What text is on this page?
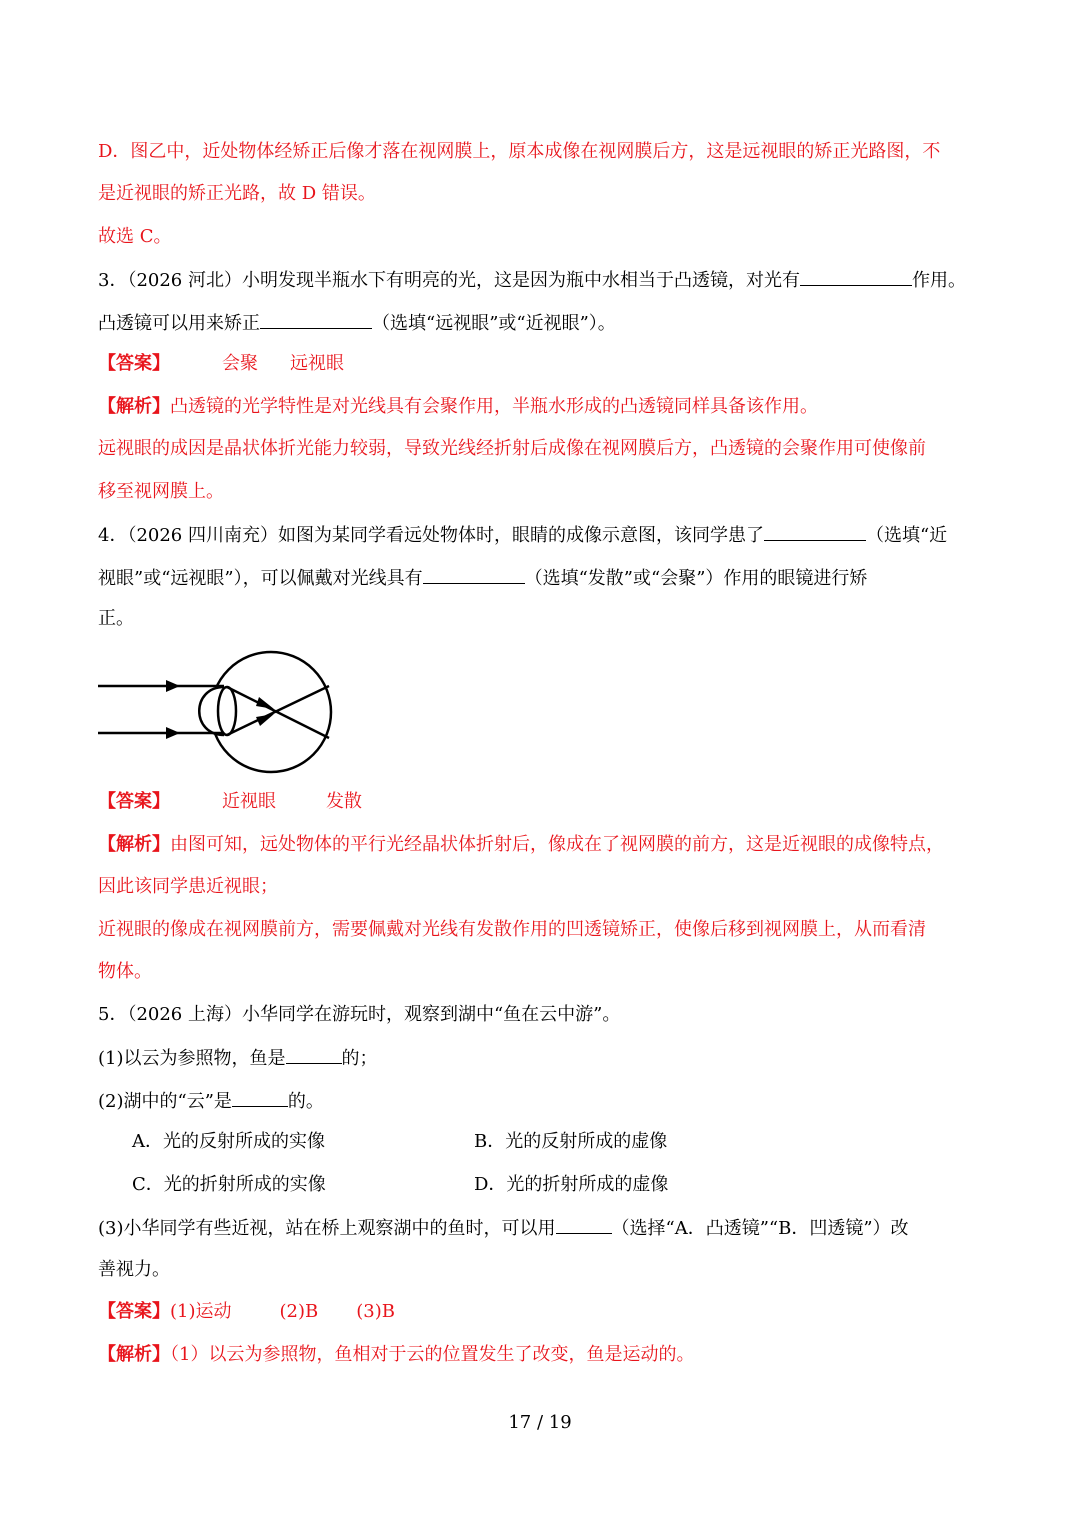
D．图乙中，近处物体经矫正后像才落在视网膜上，原本成像在视网膜后方，这是远视眼的矫正光路图，不
是近视眼的矫正光路，故 D 错误。
故选 C。
3．（2026 河北）小明发现半瓶水下有明亮的光，这是因为瓶中水相当于凸透镜，对光有	作用。
凸透镜可以用来矫正	（选填“远视眼”或“近视眼”）。
【答案】	会聚 远视眼
【解析】凸透镜的光学特性是对光线具有会聚作用，半瓶水形成的凸透镜同样具备该作用。
远视眼的成因是晶状体折光能力较弱，导致光线经折射后成像在视网膜后方，凸透镜的会聚作用可使像前
移至视网膜上。
4．（2026 四川南充）如图为某同学看远处物体时，眼睛的成像示意图，该同学患了	（选填“近
视眼”或“远视眼”），可以佩戴对光线具有	（选填“发散”或“会聚”）作用的眼镜进行矫
正。
【答案】	近视眼	发散
【解析】由图可知，远处物体的平行光经晶状体折射后，像成在了视网膜的前方，这是近视眼的成像特点，
因此该同学患近视眼；
近视眼的像成在视网膜前方，需要佩戴对光线有发散作用的凹透镜矫正，使像后移到视网膜上，从而看清
物体。
5．（2026 上海）小华同学在游玩时，观察到湖中“鱼在云中游”。
(1)以云为参照物，鱼是	的；
(2)湖中的“云”是	的。
A．光的反射所成的实像	B．光的反射所成的虚像
C．光的折射所成的实像	D．光的折射所成的虚像
(3)小华同学有些近视，站在桥上观察湖中的鱼时，可以用	（选择“A．凸透镜”“B．凹透镜”）改
善视力。
【答案】(1)运动	(2)B (3)B
【解析】（1）以云为参照物，鱼相对于云的位置发生了改变，鱼是运动的。
17 / 19
